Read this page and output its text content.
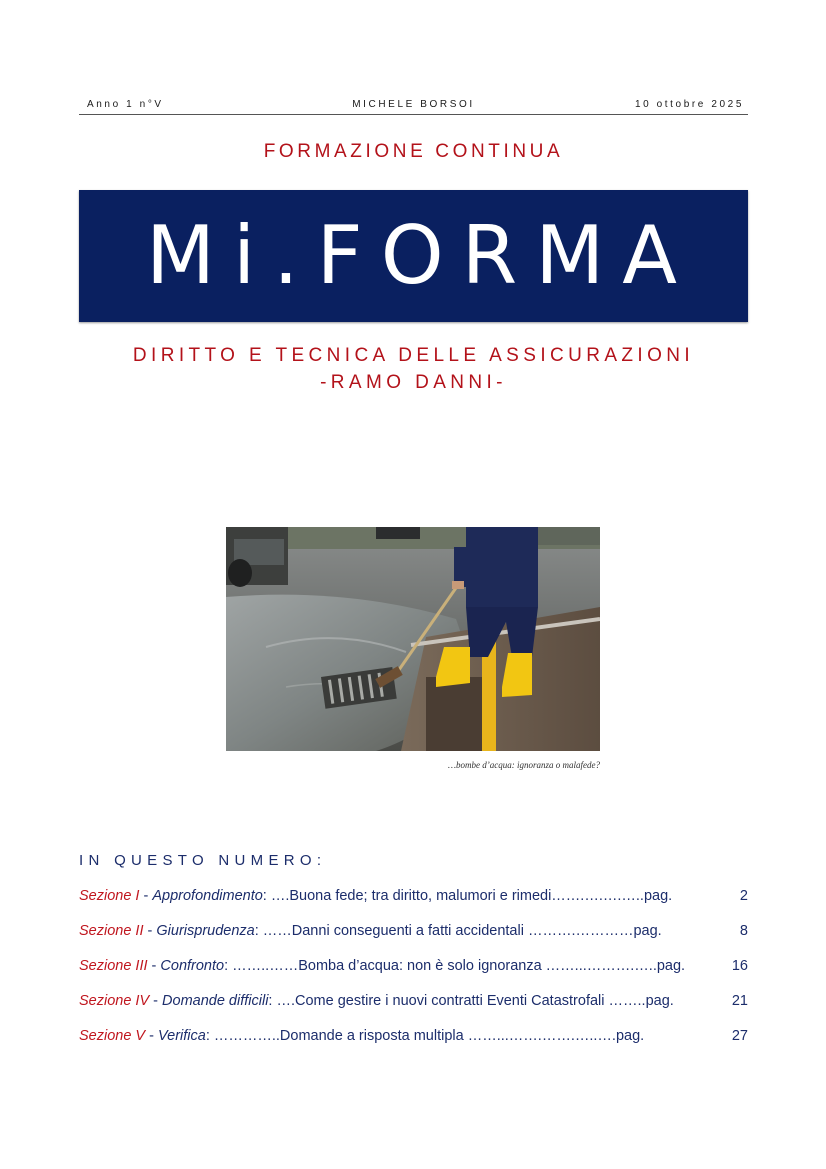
Anno 1 n°V	MICHELE BORSOI	10 ottobre 2025
FORMAZIONE CONTINUA
Mi.FORMA
DIRITTO E TECNICA DELLE ASSICURAZIONI
-RAMO DANNI-
…bombe d’acqua: ignoranza o malafede?
IN QUESTO NUMERO:
Sezione I - Approfondimento: ….Buona fede; tra diritto, malumori e rimedi…….….….…..pag.	2
Sezione II - Giurisprudenza: ……Danni conseguenti a fatti accidentali ……….…………pag.	8
Sezione III - Confronto: ……..……Bomba d’acqua: non è solo ignoranza ……...……….…..pag.	16
Sezione IV - Domande difficili: ….Come gestire i nuovi contratti Eventi Catastrofali ……..pag.	21
Sezione V - Verifica: …………..Domande a risposta multipla ……...…….…….…..….pag.	27
